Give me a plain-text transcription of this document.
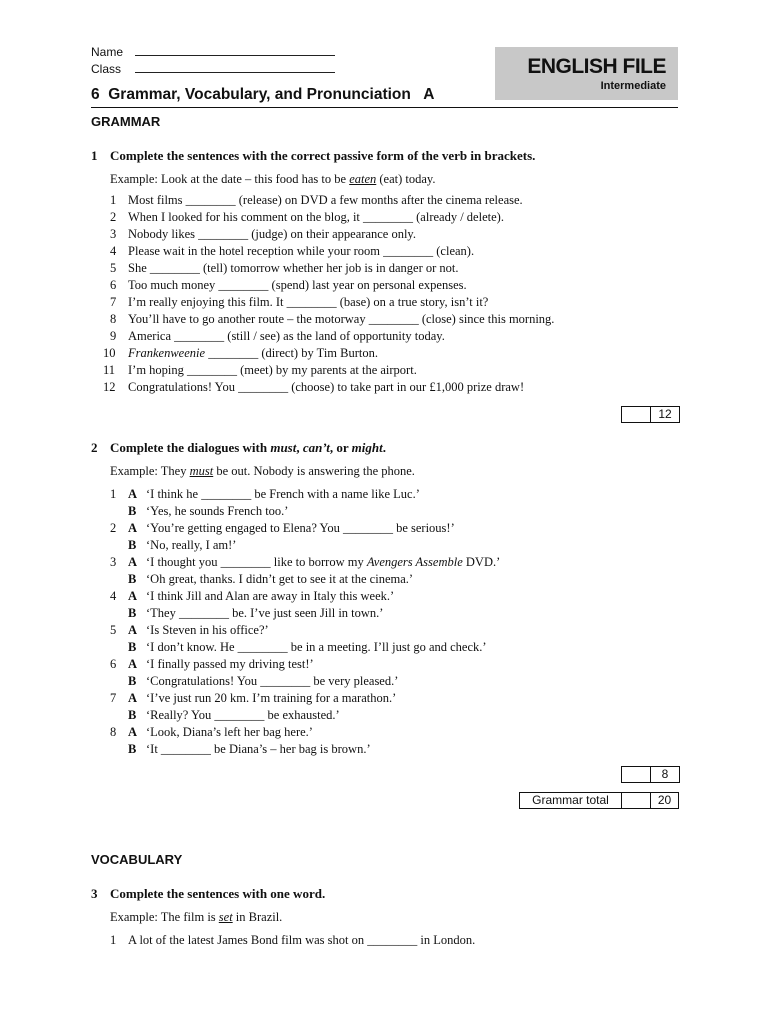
Name
Class	ENGLISH FILE
Intermediate
6  Grammar, Vocabulary, and Pronunciation   A
GRAMMAR
1 Complete the sentences with the correct passive form of the verb in brackets.
Example: Look at the date – this food has to be eaten (eat) today.
1 Most films ________ (release) on DVD a few months after the cinema release.
2 When I looked for his comment on the blog, it ________ (already / delete).
3 Nobody likes ________ (judge) on their appearance only.
4 Please wait in the hotel reception while your room ________ (clean).
5 She ________ (tell) tomorrow whether her job is in danger or not.
6 Too much money ________ (spend) last year on personal expenses.
7 I’m really enjoying this film. It ________ (base) on a true story, isn’t it?
8 You’ll have to go another route – the motorway ________ (close) since this morning.
9 America ________ (still / see) as the land of opportunity today.
10 Frankenweenie ________ (direct) by Tim Burton.
11 I’m hoping ________ (meet) by my parents at the airport.
12 Congratulations! You ________ (choose) to take part in our £1,000 prize draw!
12
2 Complete the dialogues with must, can’t, or might.
Example: They must be out. Nobody is answering the phone.
1 A ‘I think he ________ be French with a name like Luc.’
B ‘Yes, he sounds French too.’
2 A ‘You’re getting engaged to Elena? You ________ be serious!’
B ‘No, really, I am!’
3 A ‘I thought you ________ like to borrow my Avengers Assemble DVD.’
B ‘Oh great, thanks. I didn’t get to see it at the cinema.’
4 A ‘I think Jill and Alan are away in Italy this week.’
B ‘They ________ be. I’ve just seen Jill in town.’
5 A ‘Is Steven in his office?’
B ‘I don’t know. He ________ be in a meeting. I’ll just go and check.’
6 A ‘I finally passed my driving test!’
B ‘Congratulations! You ________ be very pleased.’
7 A ‘I’ve just run 20 km. I’m training for a marathon.’
B ‘Really? You ________ be exhausted.’
8 A ‘Look, Diana’s left her bag here.’
B ‘It ________ be Diana’s – her bag is brown.’
8
Grammar total	20
VOCABULARY
3 Complete the sentences with one word.
Example: The film is set in Brazil.
1 A lot of the latest James Bond film was shot on ________ in London.
